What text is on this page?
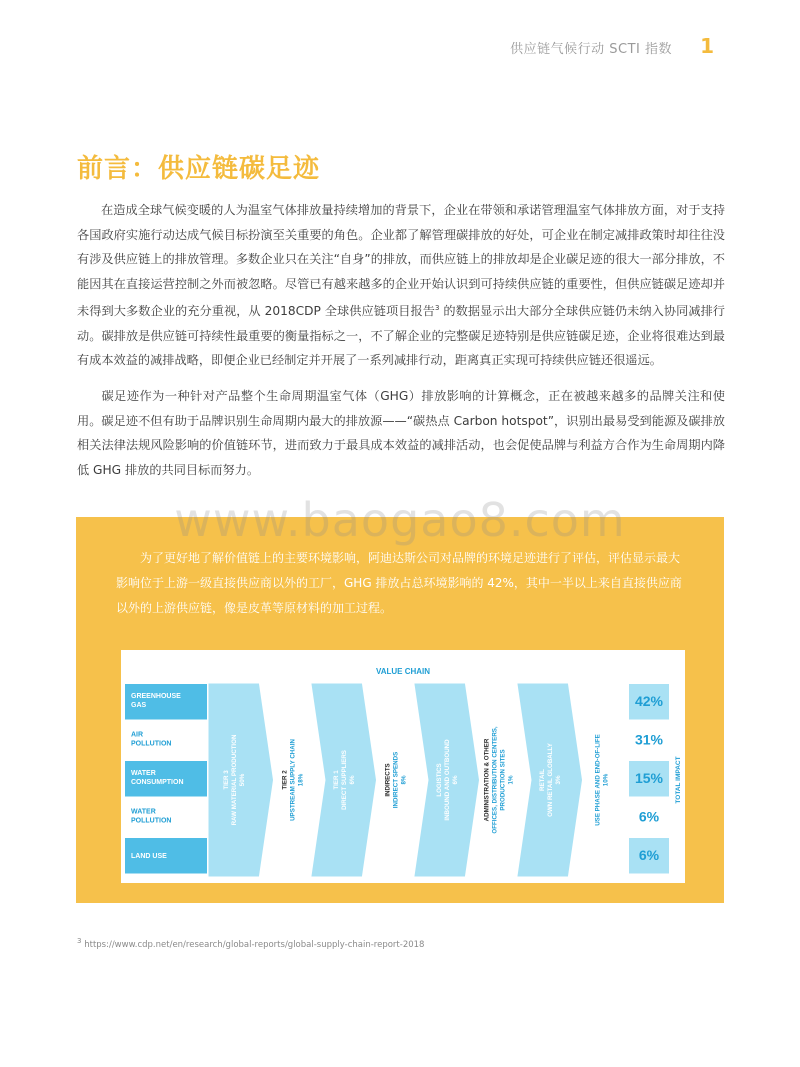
供应链气候行动 SCTI 指数 1
前言：供应链碳足迹
在造成全球气候变暖的人为温室气体排放量持续增加的背景下，企业在带领和承诺管理温室气体排放方面，对于支持各国政府实施行动达成气候目标扮演至关重要的角色。企业都了解管理碳排放的好处，可企业在制定减排政策时却往往没有涉及供应链上的排放管理。多数企业只在关注“自身”的排放，而供应链上的排放却是企业碳足迹的很大一部分排放，不能因其在直接运营控制之外而被忽略。尽管已有越来越多的企业开始认识到可持续供应链的重要性，但供应链碳足迹却并未得到大多数企业的充分重视，从 2018CDP 全球供应链项目报告$^3$ 的数据显示出大部分全球供应链仍未纳入协同减排行动。碳排放是供应链可持续性最重要的衡量指标之一，不了解企业的完整碳足迹特别是供应链碳足迹，企业将很难达到最有成本效益的减排战略，即便企业已经制定并开展了一系列减排行动，距离真正实现可持续供应链还很遥远。
碳足迹作为一种针对产品整个生命周期温室气体（GHG）排放影响的计算概念，正在被越来越多的品牌关注和使用。碳足迹不但有助于品牌识别生命周期内最大的排放源——“碳热点 Carbon hotspot”，识别出最易受到能源及碳排放相关法律法规风险影响的价值链环节，进而致力于最具成本效益的减排活动，也会促使品牌与利益方合作为生命周期内降低 GHG 排放的共同目标而努力。
www.baogao8.com
为了更好地了解价值链上的主要环境影响，阿迪达斯公司对品牌的环境足迹进行了评估，评估显示最大影响位于上游一级直接供应商以外的工厂，GHG 排放占总环境影响的 42%，其中一半以上来自直接供应商以外的上游供应链，像是皮革等原材料的加工过程。
VALUE CHAIN
GREENHOUSE GAS
AIR POLLUTION
WATER CONSUMPTION
WATER POLLUTION
LAND USE
TIER 3 RAW MATERIAL PRODUCTION 50%	TIER 2 UPSTREAM SUPPLY CHAIN 18%	TIER 1 DIRECT SUPPLIERS 6%	INDIRECTS INDIRECT SPENDS 8%	LOGISTICS INBOUND AND OUTBOUND 6%	ADMINISTRATION & OTHER OFFICES, DISTRIBUTION CENTERS, PRODUCTION SITES 1%	RETAIL OWN RETAIL GLOBALLY 3%	USE PHASE AND END-OF-LIFE 10%
42%
31%
15%
6%
6%
TOTAL IMPACT
$^3$ https://www.cdp.net/en/research/global-reports/global-supply-chain-report-2018
